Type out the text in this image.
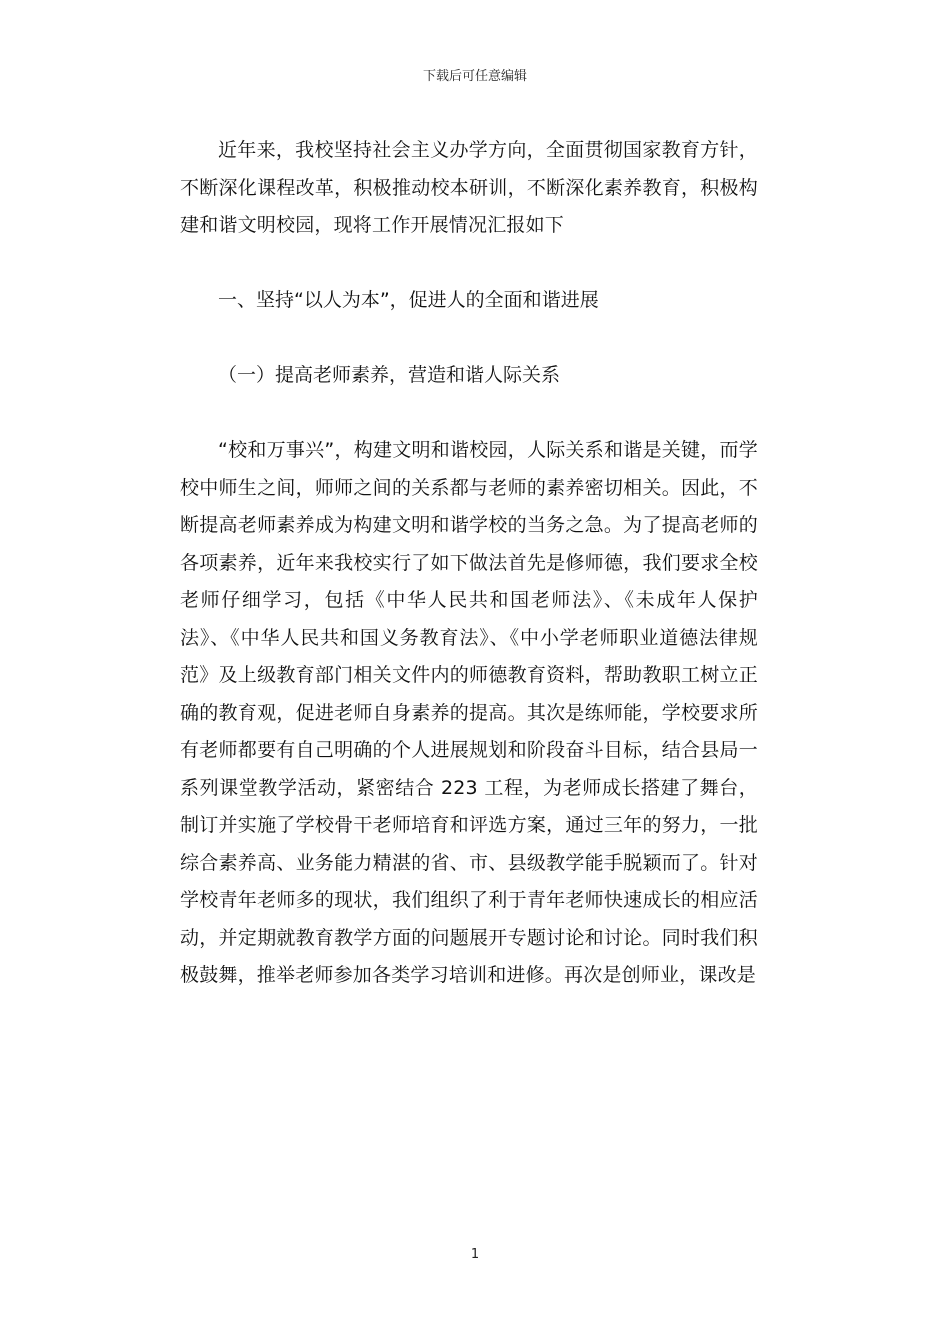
下载后可任意编辑

近年来，我校坚持社会主义办学方向，全面贯彻国家教育方针，不断深化课程改革，积极推动校本研训，不断深化素养教育，积极构建和谐文明校园，现将工作开展情况汇报如下

一、坚持“以人为本”，促进人的全面和谐进展

（一）提高老师素养，营造和谐人际关系

“校和万事兴”，构建文明和谐校园，人际关系和谐是关键，而学校中师生之间，师师之间的关系都与老师的素养密切相关。因此，不断提高老师素养成为构建文明和谐学校的当务之急。为了提高老师的各项素养，近年来我校实行了如下做法首先是修师德，我们要求全校老师仔细学习，包括《中华人民共和国老师法》、《未成年人保护法》、《中华人民共和国义务教育法》、《中小学老师职业道德法律规范》及上级教育部门相关文件内的师德教育资料，帮助教职工树立正确的教育观，促进老师自身素养的提高。其次是练师能，学校要求所有老师都要有自己明确的个人进展规划和阶段奋斗目标，结合县局一系列课堂教学活动，紧密结合 223 工程，为老师成长搭建了舞台，制订并实施了学校骨干老师培育和评选方案，通过三年的努力，一批综合素养高、业务能力精湛的省、市、县级教学能手脱颖而了。针对学校青年老师多的现状，我们组织了利于青年老师快速成长的相应活动，并定期就教育教学方面的问题展开专题讨论和讨论。同时我们积极鼓舞，推举老师参加各类学习培训和进修。再次是创师业，课改是

1
